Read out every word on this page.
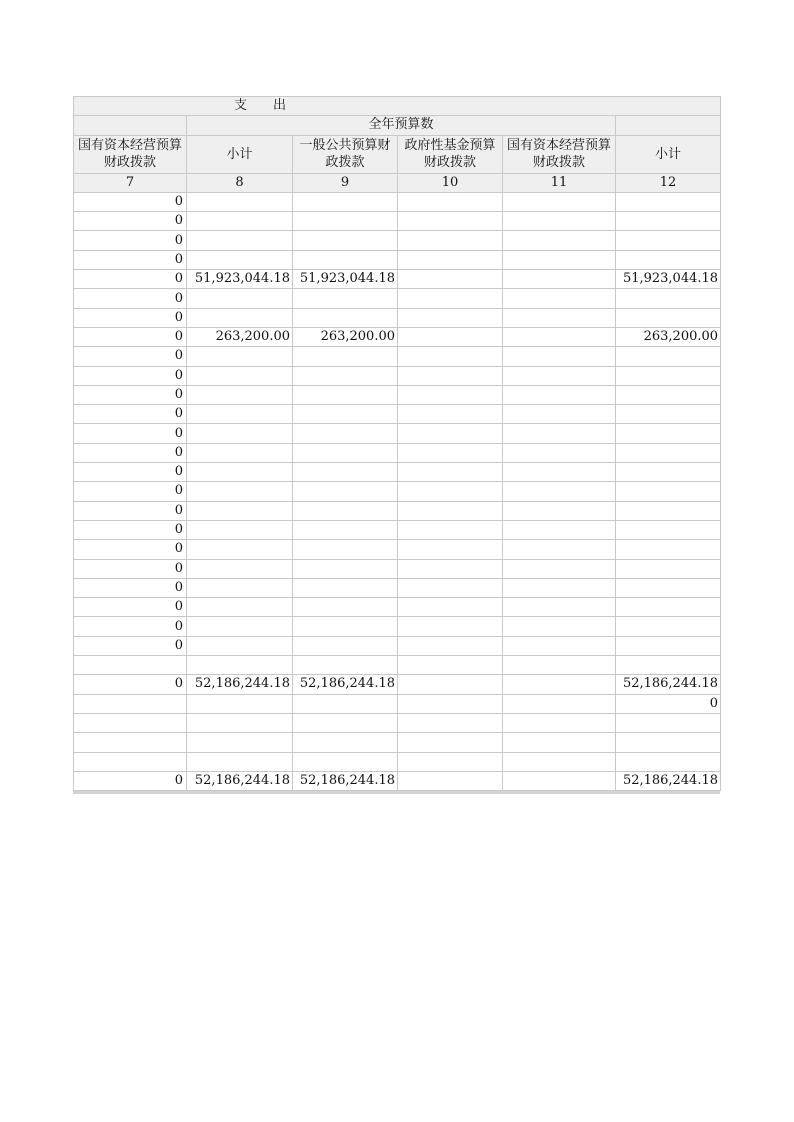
支　　出					
	全年预算数				
国有资本经营预算财政拨款	小计	一般公共预算财政拨款	政府性基金预算财政拨款	国有资本经营预算财政拨款	小计
7	8	9	10	11	12
0					
0					
0					
0					
0	51,923,044.18	51,923,044.18			51,923,044.18
0					
0					
0	263,200.00	263,200.00			263,200.00
0					
0					
0					
0					
0					
0					
0					
0					
0					
0					
0					
0					
0					
0					
0					
0					

0	52,186,244.18	52,186,244.18			52,186,244.18
					0

0	52,186,244.18	52,186,244.18			52,186,244.18
